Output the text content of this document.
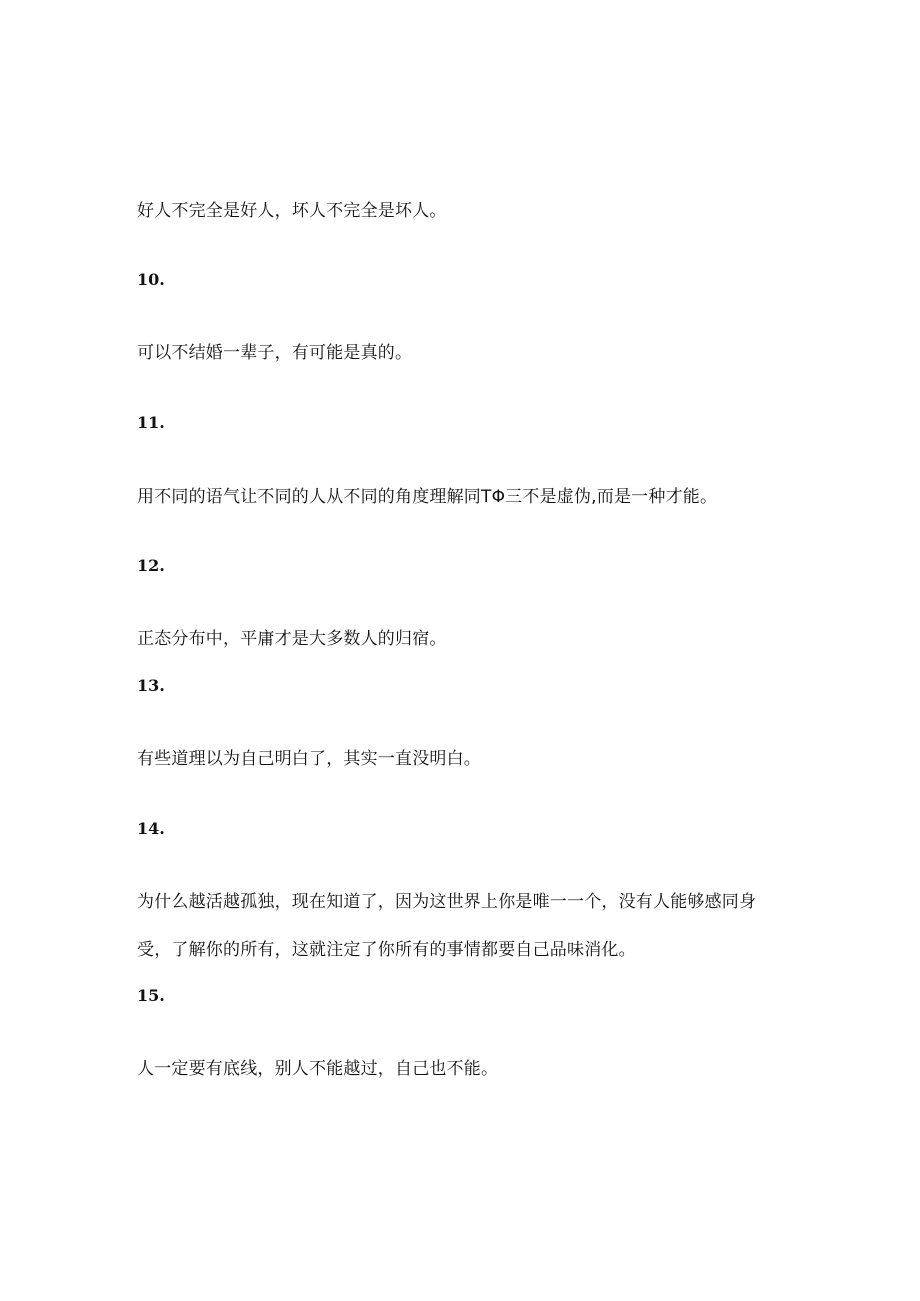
好人不完全是好人，坏人不完全是坏人。

10.

可以不结婚一辈子，有可能是真的。

11.

用不同的语气让不同的人从不同的角度理解同TΦ三不是虚伪,而是一种才能。

12.

正态分布中，平庸才是大多数人的归宿。

13.

有些道理以为自己明白了，其实一直没明白。

14.

为什么越活越孤独，现在知道了，因为这世界上你是唯一一个，没有人能够感同身

受，了解你的所有，这就注定了你所有的事情都要自己品味消化。

15.

人一定要有底线，别人不能越过，自己也不能。
